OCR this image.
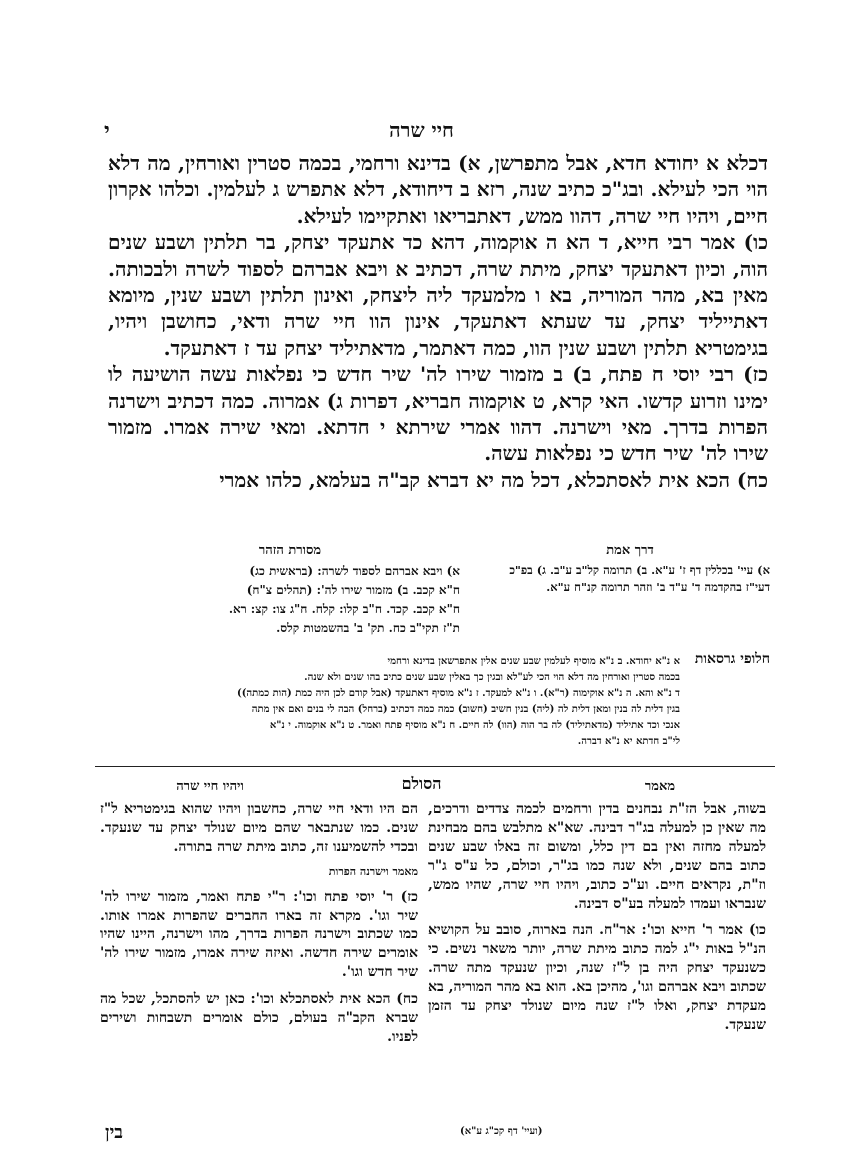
י	חיי שרה

דכלא א יחודא חדא, אבל מתפרשן, א) בדינא ורחמי, בכמה סטרין ואורחין, מה דלא הוי הכי לעילא. ובג"כ כתיב שנה, רזא ב דיחודא, דלא אתפרש ג לעלמין. וכלהו אקרון חיים, ויהיו חיי שרה, דהוו ממש, דאתבריאו ואתקיימו לעילא.

כו) אמר רבי חייא, ד הא ה אוקמוה, דהא כד אתעקד יצחק, בר תלתין ושבע שנים הוה, וכיון דאתעקד יצחק, מיתת שרה, דכתיב א ויבא אברהם לספוד לשרה ולבכותה. מאין בא, מהר המוריה, בא ו מלמעקד ליה ליצחק, ואינון תלתין ושבע שנין, מיומא דאתייליד יצחק, עד שעתא דאתעקד, אינון הוו חיי שרה ודאי, כחושבן ויהיו, בגימטריא תלתין ושבע שנין הוו, כמה דאתמר, מדאתיליד יצחק עד ז דאתעקד.

כז) רבי יוסי ח פתח, ב) ב מזמור שירו לה' שיר חדש כי נפלאות עשה הושיעה לו ימינו וזרוע קדשו. האי קרא, ט אוקמוה חבריא, דפרות ג) אמרוה. כמה דכתיב וישרנה הפרות בדרך. מאי וישרנה. דהוו אמרי שירתא י חדתא. ומאי שירה אמרו. מזמור שירו לה' שיר חדש כי נפלאות עשה.

כח) הכא אית לאסתכלא, דכל מה יא דברא קב"ה בעלמא, כלהו אמרי

דרך אמת
א) עיי' בכללין דף ז' ע"א. ב) תרומה קל"ב ע"ב. ג) בפ"כ
דעי"ז בהקדמה ד' ע"ד ב' וזהר תרומה קנ"ח ע"א.
מסורת הזהר
א) ויבא אברהם לספוד לשרה: (בראשית כג)
ח"א קכב. ב) מזמור שירו לה': (תהלים צ"ח)
ח"א קכב. קכד. ח"ב קלו: קלח. ח"ג צו: קצ: רא.
ת"ז תקי"ב כח. תק' ב' בהשמטות קלס.
חלופי גרסאות
א נ"א יחודא. ב נ"א מוסיף לעלמין שבע שנים אלין אתפרשאן בדינא ורחמי
בכמה סטרין ואורחין מה דלא הוי הכי לע"לא ובגין כך באלין שבע שנים כתיב בהו שנים ולא שנה.
ד נ"א והא. ה נ"א אוקימוה (ר"א). ו נ"א למעקד. ז נ"א מוסיף דאתעקד (אבל קודם לכן היה כמת (הות כמתה))
בגין דלית לה בנין ומאן דלית לה (ליה) בנין חשיב (חשוב) כמה כמה דכתיב (ברחל) הבה לי בנים ואם אין מתה
אנכי וכד אתיליד (מדאתיליד) לה בר הוה (הוו) לה חיים. ח נ"א מוסיף פתח ואמר. ט נ"א אוקמוה. י נ"א
לי"ב חדתא יא נ"א דברה.
הסולם	מאמר
ויהיו חיי שרה

בשוה, אבל הז"ת נבחנים בדין ורחמים לכמה צדדים ודרכים, מה שאין כן למעלה בג"ר דבינה. שא"א מתלבש בהם מבחינת למעלה מחזה ואין בם דין כלל, ומשום זה באלו שבע שנים כתוב בהם שנים, ולא שנה כמו בג"ר, וכולם, כל ע"ס ג"ר וז"ת, נקראים חיים. וע"כ כתוב, ויהיו חיי שרה, שהיו ממש, שנבראו ועמדו למעלה בע"ס דבינה.

כו) אמר ר' חייא וכו': אר"ח. הנה בארוה, סובב על הקושיא הנ"ל באות י"ג למה כתוב מיתת שרה, יותר משאר נשים. כי כשנעקד יצחק היה בן ל"ז שנה, וכיון שנעקד מתה שרה. שכתוב ויבא אברהם וגו', מהיכן בא. הוא בא מהר המוריה, בא מעקדת יצחק, ואלו ל"ז שנה מיום שנולד יצחק עד הזמן שנעקד.

הם היו ודאי חיי שרה, כחשבון ויהיו שהוא בגימטריא ל"ז שנים. כמו שנתבאר שהם מיום שנולד יצחק עד שנעקד. ובכדי להשמיענו זה, כתוב מיתת שרה בתורה.

מאמר וישרנה הפרות

כז) ר' יוסי פתח וכו': ר"י פתח ואמר, מזמור שירו לה' שיר וגו'. מקרא זה בארו החברים שהפרות אמרו אותו. כמו שכתוב וישרנה הפרות בדרך, מהו וישרנה, היינו שהיו אומרים שירה חדשה. ואיזה שירה אמרו, מזמור שירו לה' שיר חדש וגו'.

כח) הכא אית לאסתכלא וכו': כאן יש להסתכל, שכל מה שברא הקב"ה בעולם, כולם אומרים תשבחות ושירים לפניו.

(ועיי' דף קכ"ג ע"א)
בין
